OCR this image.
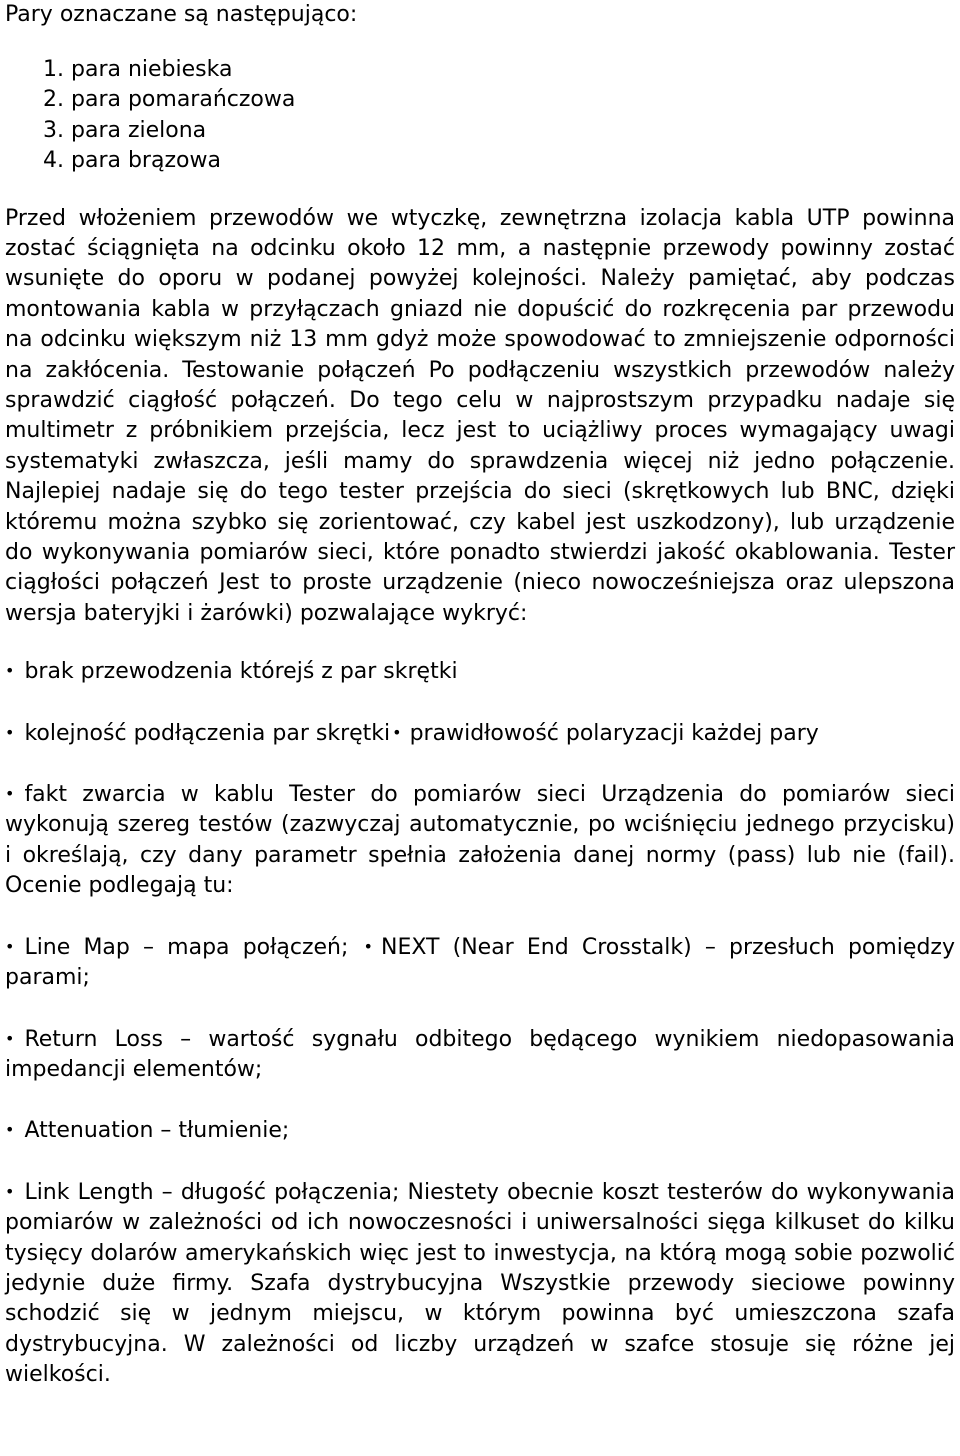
Pary oznaczane są następująco:

1. para niebieska
2. para pomarańczowa
3. para zielona
4. para brązowa

Przed włożeniem przewodów we wtyczkę, zewnętrzna izolacja kabla UTP powinna zostać ściągnięta na odcinku około 12 mm, a następnie przewody powinny zostać wsunięte do oporu w podanej powyżej kolejności. Należy pamiętać, aby podczas montowania kabla w przyłączach gniazd nie dopuścić do rozkręcenia par przewodu na odcinku większym niż 13 mm gdyż może spowodować to zmniejszenie odporności na zakłócenia. Testowanie połączeń Po podłączeniu wszystkich przewodów należy sprawdzić ciągłość połączeń. Do tego celu w najprostszym przypadku nadaje się multimetr z próbnikiem przejścia, lecz jest to uciążliwy proces wymagający uwagi systematyki zwłaszcza, jeśli mamy do sprawdzenia więcej niż jedno połączenie. Najlepiej nadaje się do tego tester przejścia do sieci (skrętkowych lub BNC, dzięki któremu można szybko się zorientować, czy kabel jest uszkodzony), lub urządzenie do wykonywania pomiarów sieci, które ponadto stwierdzi jakość okablowania. Tester ciągłości połączeń Jest to proste urządzenie (nieco nowocześniejsza oraz ulepszona wersja bateryjki i żarówki) pozwalające wykryć:

• brak przewodzenia którejś z par skrętki

• kolejność podłączenia par skrętki • prawidłowość polaryzacji każdej pary

• fakt zwarcia w kablu Tester do pomiarów sieci Urządzenia do pomiarów sieci wykonują szereg testów (zazwyczaj automatycznie, po wciśnięciu jednego przycisku) i określają, czy dany parametr spełnia założenia danej normy (pass) lub nie (fail). Ocenie podlegają tu:

• Line Map – mapa połączeń; • NEXT (Near End Crosstalk) – przesłuch pomiędzy parami;

• Return Loss – wartość sygnału odbitego będącego wynikiem niedopasowania impedancji elementów;

• Attenuation – tłumienie;

• Link Length – długość połączenia; Niestety obecnie koszt testerów do wykonywania pomiarów w zależności od ich nowoczesności i uniwersalności sięga kilkuset do kilku tysięcy dolarów amerykańskich więc jest to inwestycja, na którą mogą sobie pozwolić jedynie duże firmy. Szafa dystrybucyjna Wszystkie przewody sieciowe powinny schodzić się w jednym miejscu, w którym powinna być umieszczona szafa dystrybucyjna. W zależności od liczby urządzeń w szafce stosuje się różne jej wielkości.
